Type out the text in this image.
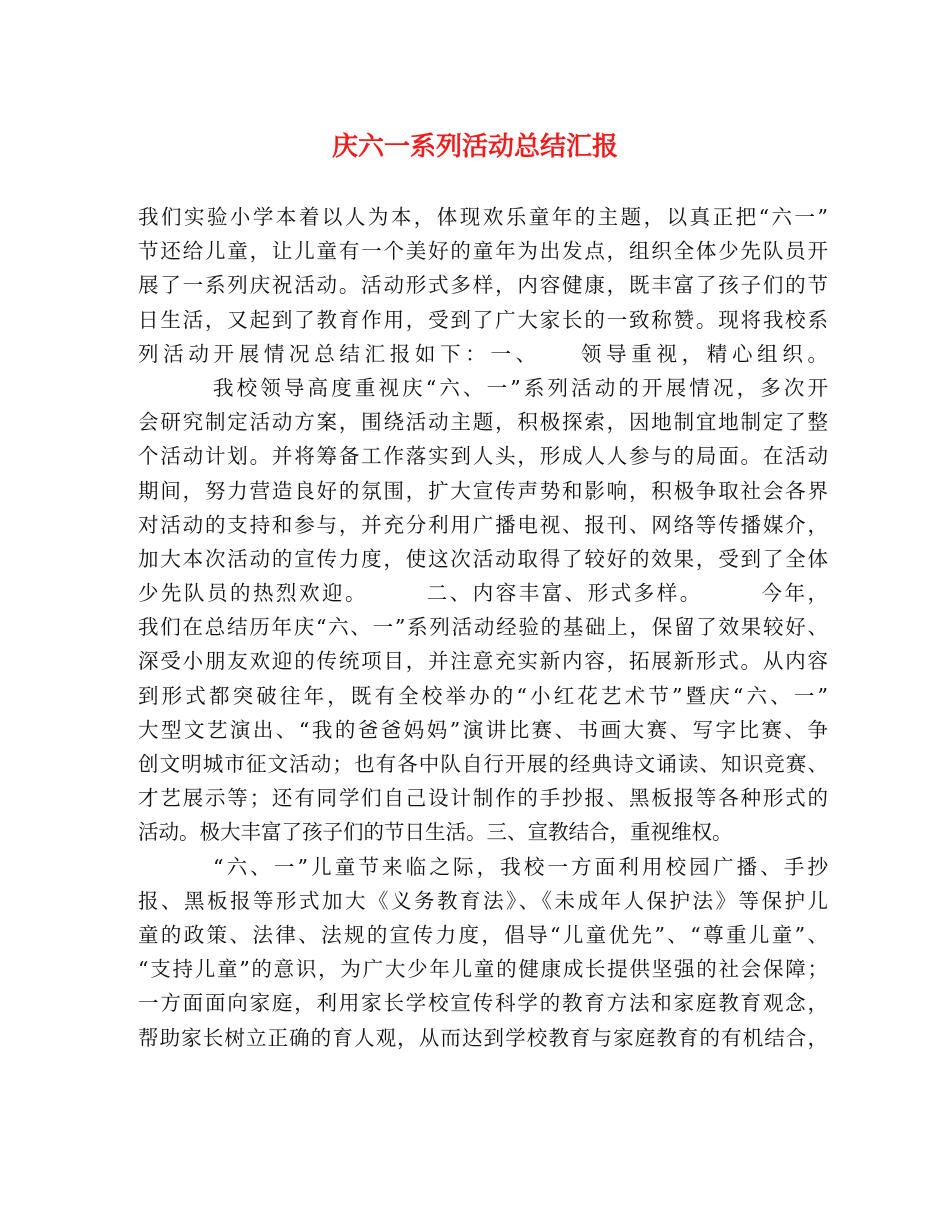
庆六一系列活动总结汇报
我们实验小学本着以人为本，体现欢乐童年的主题，以真正把“六一”
节还给儿童，让儿童有一个美好的童年为出发点，组织全体少先队员开
展了一系列庆祝活动。活动形式多样，内容健康，既丰富了孩子们的节
日生活，又起到了教育作用，受到了广大家长的一致称赞。现将我校系
列活动开展情况总结汇报如下：一、　　领导重视，精心组织。
我校领导高度重视庆“六、一”系列活动的开展情况，多次开
会研究制定活动方案，围绕活动主题，积极探索，因地制宜地制定了整
个活动计划。并将筹备工作落实到人头，形成人人参与的局面。在活动
期间，努力营造良好的氛围，扩大宣传声势和影响，积极争取社会各界
对活动的支持和参与，并充分利用广播电视、报刊、网络等传播媒介，
加大本次活动的宣传力度，使这次活动取得了较好的效果，受到了全体
少先队员的热烈欢迎。　　　二、内容丰富、形式多样。　　　今年，
我们在总结历年庆“六、一”系列活动经验的基础上，保留了效果较好、
深受小朋友欢迎的传统项目，并注意充实新内容，拓展新形式。从内容
到形式都突破往年，既有全校举办的“小红花艺术节”暨庆“六、一”
大型文艺演出、“我的爸爸妈妈”演讲比赛、书画大赛、写字比赛、争
创文明城市征文活动；也有各中队自行开展的经典诗文诵读、知识竞赛、
才艺展示等；还有同学们自己设计制作的手抄报、黑板报等各种形式的
活动。极大丰富了孩子们的节日生活。三、宣教结合，重视维权。
“六、一”儿童节来临之际，我校一方面利用校园广播、手抄
报、黑板报等形式加大《义务教育法》、《未成年人保护法》等保护儿
童的政策、法律、法规的宣传力度，倡导“儿童优先”、“尊重儿童”、
“支持儿童”的意识，为广大少年儿童的健康成长提供坚强的社会保障；
一方面面向家庭，利用家长学校宣传科学的教育方法和家庭教育观念，
帮助家长树立正确的育人观，从而达到学校教育与家庭教育的有机结合，
